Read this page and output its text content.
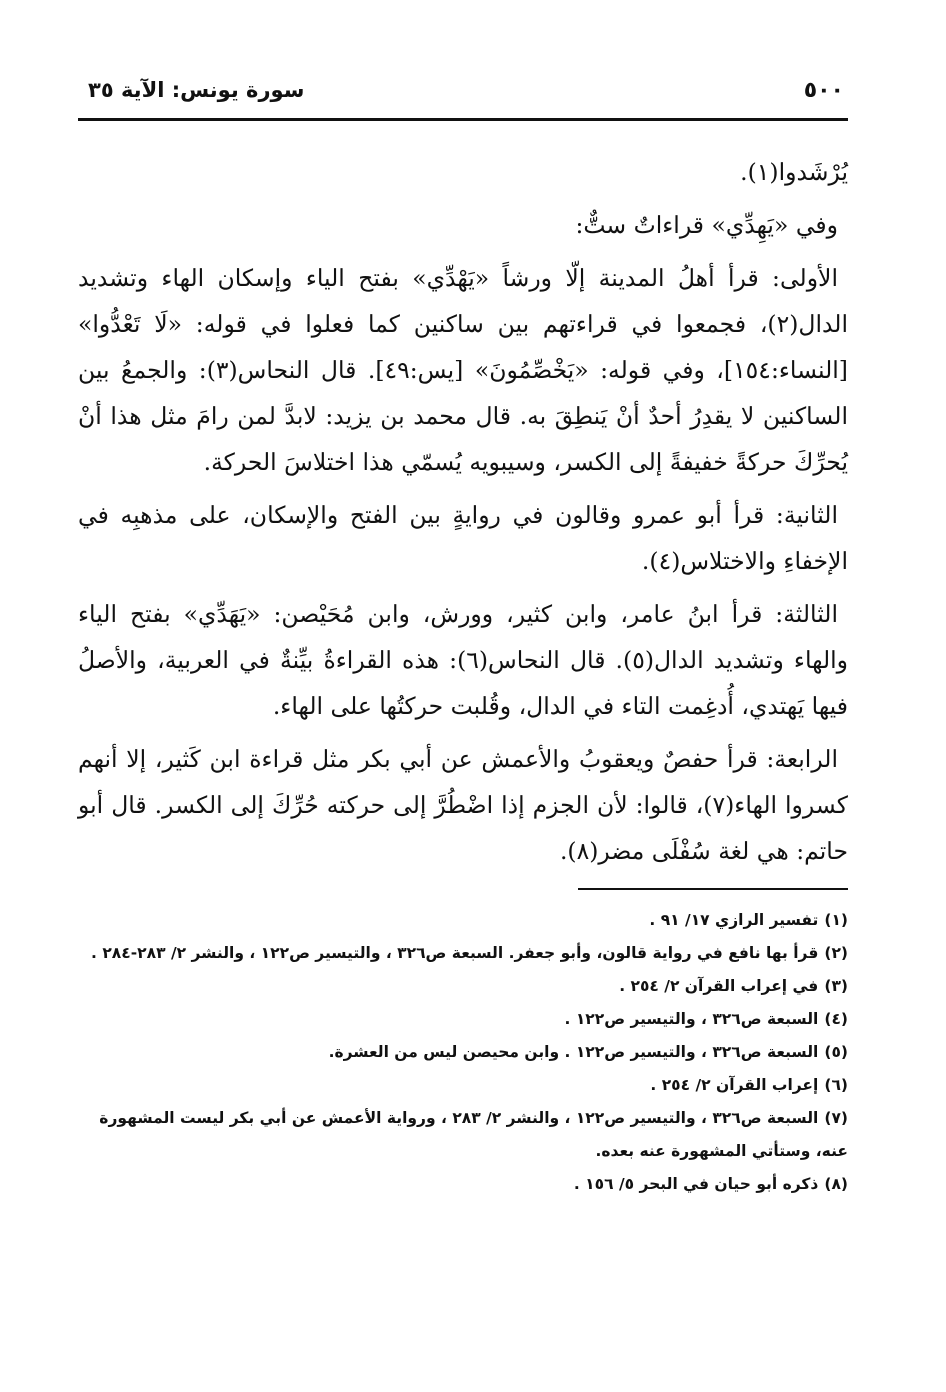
٥٠٠
سورة يونس: الآية ٣٥

يُرْشَدوا(١).

وفي «يَهِدِّي» قراءاتٌ ستٌّ:

الأولى: قرأ أهلُ المدينة إلّا ورشاً «يَهْدِّي» بفتح الياء وإسكان الهاء وتشديد الدال(٢)، فجمعوا في قراءتهم بين ساكنين كما فعلوا في قوله: «لَا تَعْدُّوا» [النساء:١٥٤]، وفي قوله: «يَخْصِّمُونَ» [يس:٤٩]. قال النحاس(٣): والجمعُ بين الساكنين لا يقدِرُ أحدٌ أنْ يَنطِقَ به. قال محمد بن يزيد: لابدَّ لمن رامَ مثل هذا أنْ يُحرِّكَ حركةً خفيفةً إلى الكسر، وسيبويه يُسمّي هذا اختلاسَ الحركة.

الثانية: قرأ أبو عمرو وقالون في روايةٍ بين الفتح والإسكان، على مذهبِه في الإخفاءِ والاختلاس(٤).

الثالثة: قرأ ابنُ عامر، وابن كثير، وورش، وابن مُحَيْصن: «يَهَدِّي» بفتح الياء والهاء وتشديد الدال(٥). قال النحاس(٦): هذه القراءةُ بيِّنةٌ في العربية، والأصلُ فيها يَهتدي، أُدغِمت التاء في الدال، وقُلبت حركتُها على الهاء.

الرابعة: قرأ حفصٌ ويعقوبُ والأعمش عن أبي بكر مثل قراءة ابن كَثير، إلا أنهم كسروا الهاء(٧)، قالوا: لأن الجزم إذا اضْطُرَّ إلى حركته حُرِّكَ إلى الكسر. قال أبو حاتم: هي لغة سُفْلَى مضر(٨).

(١)تفسير الرازي ١٧/ ٩١ .

(٢)قرأ بها نافع في رواية قالون، وأبو جعفر. السبعة ص٣٢٦ ، والتيسير ص١٢٢ ، والنشر ٢/ ٢٨٣-٢٨٤ .

(٣)في إعراب القرآن ٢/ ٢٥٤ .

(٤)السبعة ص٣٢٦ ، والتيسير ص١٢٢ .

(٥)السبعة ص٣٢٦ ، والتيسير ص١٢٢ . وابن محيصن ليس من العشرة.

(٦)إعراب القرآن ٢/ ٢٥٤ .

(٧)السبعة ص٣٢٦ ، والتيسير ص١٢٢ ، والنشر ٢/ ٢٨٣ ، ورواية الأعمش عن أبي بكر ليست المشهورة عنه، وستأتي المشهورة عنه بعده.

(٨)ذكره أبو حيان في البحر ٥/ ١٥٦ .
